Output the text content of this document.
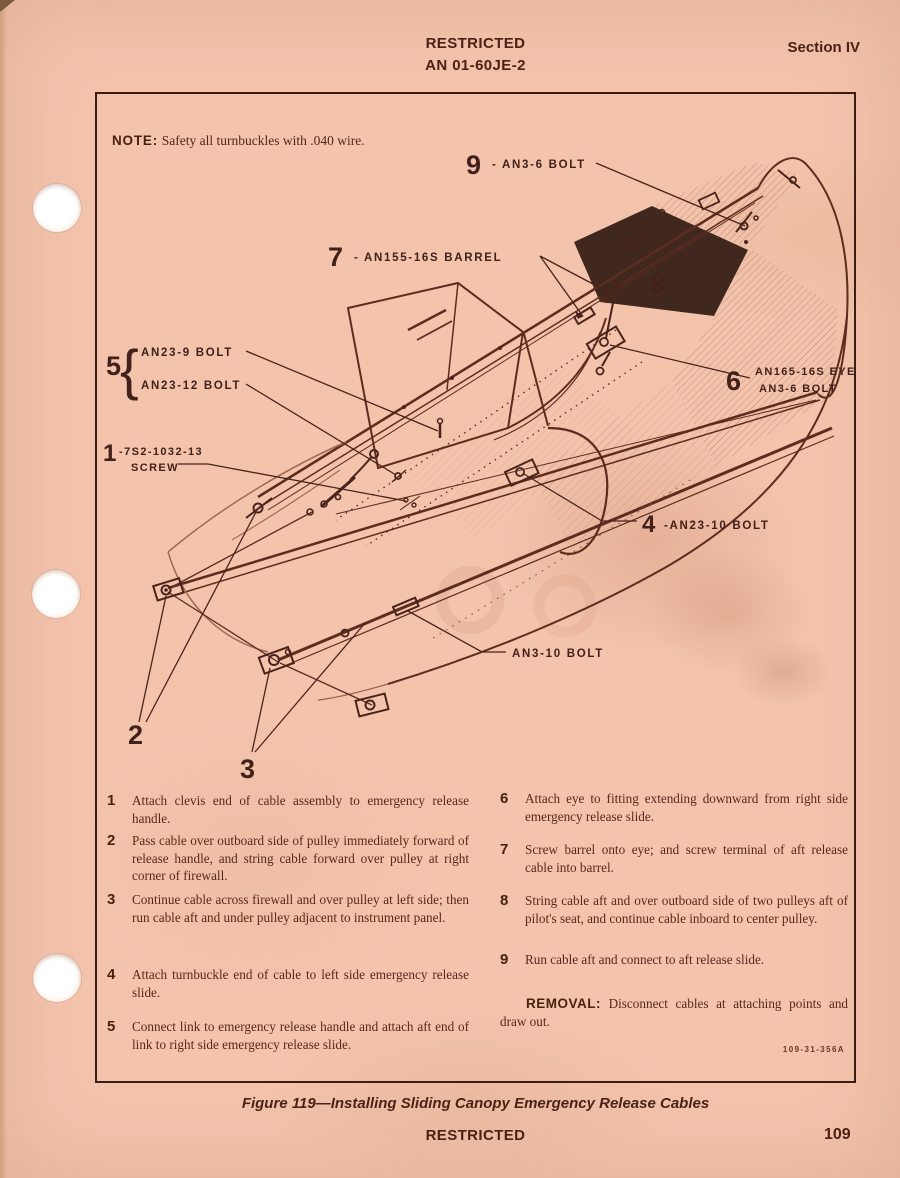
RESTRICTED
AN 01-60JE-2
Section IV
NOTE: Safety all turnbuckles with .040 wire.
9 - AN3-6 BOLT
7 - AN155-16S BARREL
8
5
{ AN23-9 BOLT
AN23-12 BOLT	6 AN165-16S EYE
AN3-6 BOLT
1 -7S2-1032-13
SCREW
4 -AN23-10 BOLT
AN3-10 BOLT
2
3
1	Attach clevis end of cable assembly to emergency release handle.

2	Pass cable over outboard side of pulley immediately forward of release handle, and string cable forward over pulley at right corner of firewall.

3	Continue cable across firewall and over pulley at left side; then run cable aft and under pulley adjacent to instrument panel.

4	Attach turnbuckle end of cable to left side emergency release slide.

5	Connect link to emergency release handle and attach aft end of link to right side emergency release slide.

6	Attach eye to fitting extending downward from right side emergency release slide.

7	Screw barrel onto eye; and screw terminal of aft release cable into barrel.

8	String cable aft and over outboard side of two pulleys aft of pilot's seat, and continue cable inboard to center pulley.

9	Run cable aft and connect to aft release slide.

REMOVAL: Disconnect cables at attaching points and draw out.

109-31-356A
Figure 119—Installing Sliding Canopy Emergency Release Cables
RESTRICTED	109
